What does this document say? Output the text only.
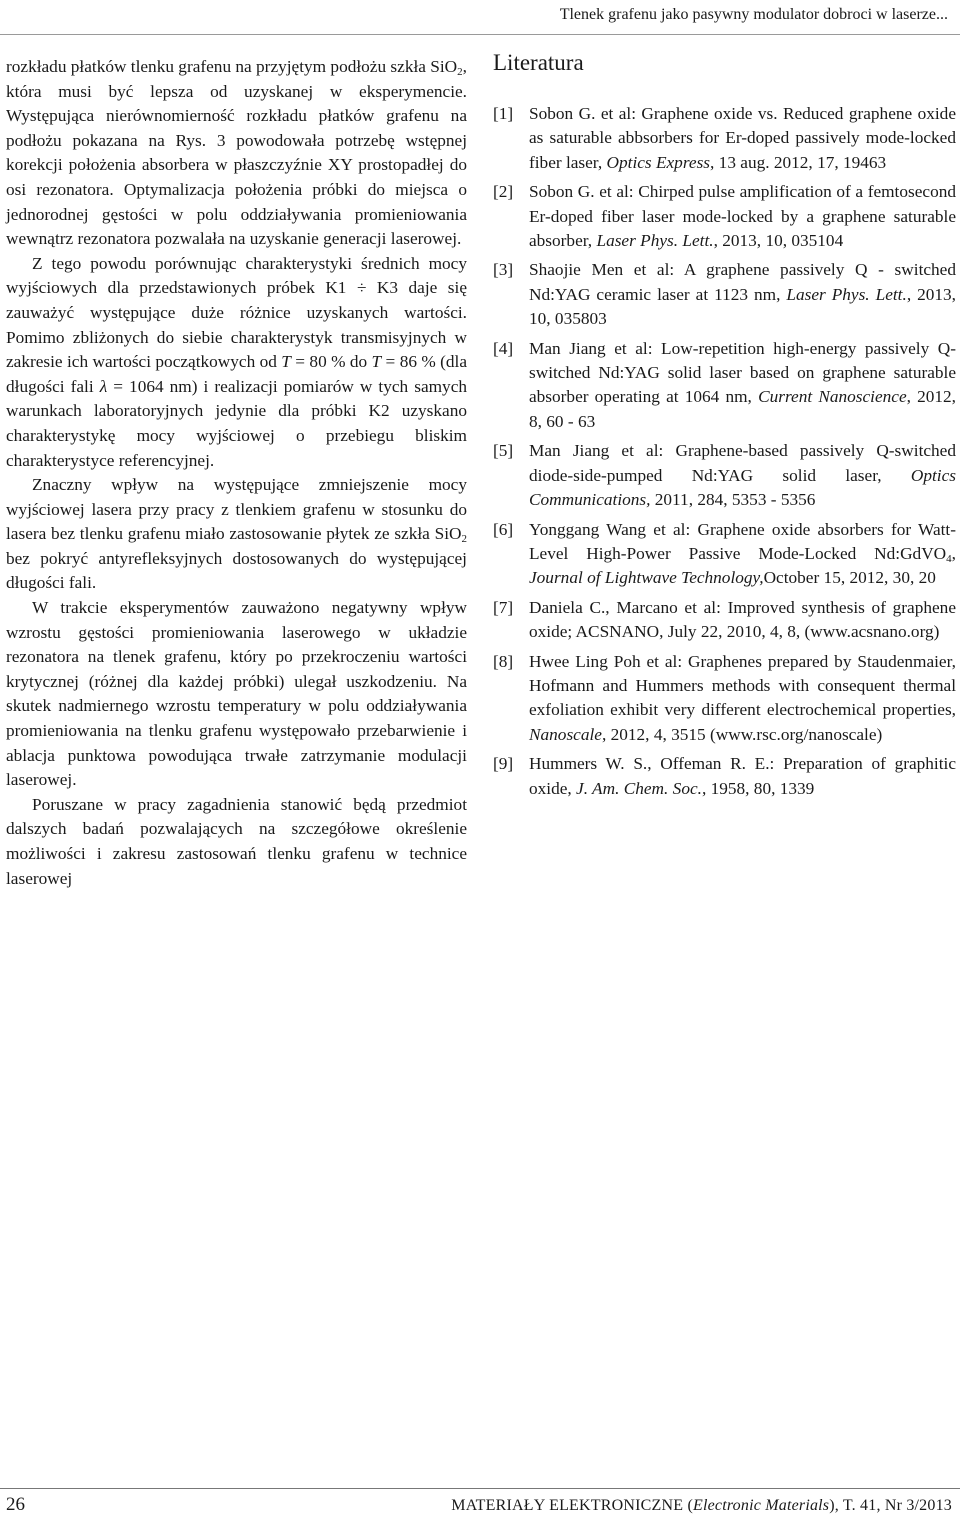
Tlenek grafenu jako pasywny modulator dobroci w laserze...

rozkładu płatków tlenku grafenu na przyjętym podłożu szkła SiO$_2$, która musi być lepsza od uzyskanej w eksperymencie. Występująca nierównomierność rozkładu płatków grafenu na podłożu pokazana na Rys. 3 powodowała potrzebę wstępnej korekcji położenia absorbera w płaszczyźnie XY prostopadłej do osi rezonatora. Optymalizacja położenia próbki do miejsca o jednorodnej gęstości w polu oddziaływania promieniowania wewnątrz rezonatora pozwalała na uzyskanie generacji laserowej.

Z tego powodu porównując charakterystyki średnich mocy wyjściowych dla przedstawionych próbek K1 ÷ K3 daje się zauważyć występujące duże różnice uzyskanych wartości. Pomimo zbliżonych do siebie charakterystyk transmisyjnych w zakresie ich wartości początkowych od T = 80 % do T = 86 % (dla długości fali λ = 1064 nm) i realizacji pomiarów w tych samych warunkach laboratoryjnych jedynie dla próbki K2 uzyskano charakterystykę mocy wyjściowej o przebiegu bliskim charakterystyce referencyjnej.

Znaczny wpływ na występujące zmniejszenie mocy wyjściowej lasera przy pracy z tlenkiem grafenu w stosunku do lasera bez tlenku grafenu miało zastosowanie płytek ze szkła SiO$_2$ bez pokryć antyrefleksyjnych dostosowanych do występującej długości fali.

W trakcie eksperymentów zauważono negatywny wpływ wzrostu gęstości promieniowania laserowego w układzie rezonatora na tlenek grafenu, który po przekroczeniu wartości krytycznej (różnej dla każdej próbki) ulegał uszkodzeniu. Na skutek nadmiernego wzrostu temperatury w polu oddziaływania promieniowania na tlenku grafenu występowało przebarwienie i ablacja punktowa powodująca trwałe zatrzymanie modulacji laserowej.

Poruszane w pracy zagadnienia stanowić będą przedmiot dalszych badań pozwalających na szczegółowe określenie możliwości i zakresu zastosowań tlenku grafenu w technice laserowej

Literatura
[1] Sobon G. et al: Graphene oxide vs. Reduced graphene oxide as saturable abbsorbers for Er-doped passively mode-locked fiber laser, Optics Express, 13 aug. 2012, 17, 19463
[2] Sobon G. et al: Chirped pulse amplification of a femtosecond Er-doped fiber laser mode-locked by a graphene saturable absorber, Laser Phys. Lett., 2013, 10, 035104
[3] Shaojie Men et al: A graphene passively Q - switched Nd:YAG ceramic laser at 1123 nm, Laser Phys. Lett., 2013, 10, 035803
[4] Man Jiang et al: Low-repetition high-energy passively Q-switched Nd:YAG solid laser based on graphene saturable absorber operating at 1064 nm, Current Nanoscience, 2012, 8, 60 - 63
[5] Man Jiang et al: Graphene-based passively Q-switched diode-side-pumped Nd:YAG solid laser, Optics Communications, 2011, 284, 5353 - 5356
[6] Yonggang Wang et al: Graphene oxide absorbers for Watt-Level High-Power Passive Mode-Locked Nd:GdVO$_4$, Journal of Lightwave Technology,October 15, 2012, 30, 20
[7] Daniela C., Marcano et al: Improved synthesis of graphene oxide; ACSNANO, July 22, 2010, 4, 8, (www.acsnano.org)
[8] Hwee Ling Poh et al: Graphenes prepared by Staudenmaier, Hofmann and Hummers methods with consequent thermal exfoliation exhibit very different electrochemical properties, Nanoscale, 2012, 4, 3515 (www.rsc.org/nanoscale)
[9] Hummers W. S., Offeman R. E.: Preparation of graphitic oxide, J. Am. Chem. Soc., 1958, 80, 1339
26	MATERIAŁY ELEKTRONICZNE (Electronic Materials), T. 41, Nr 3/2013
